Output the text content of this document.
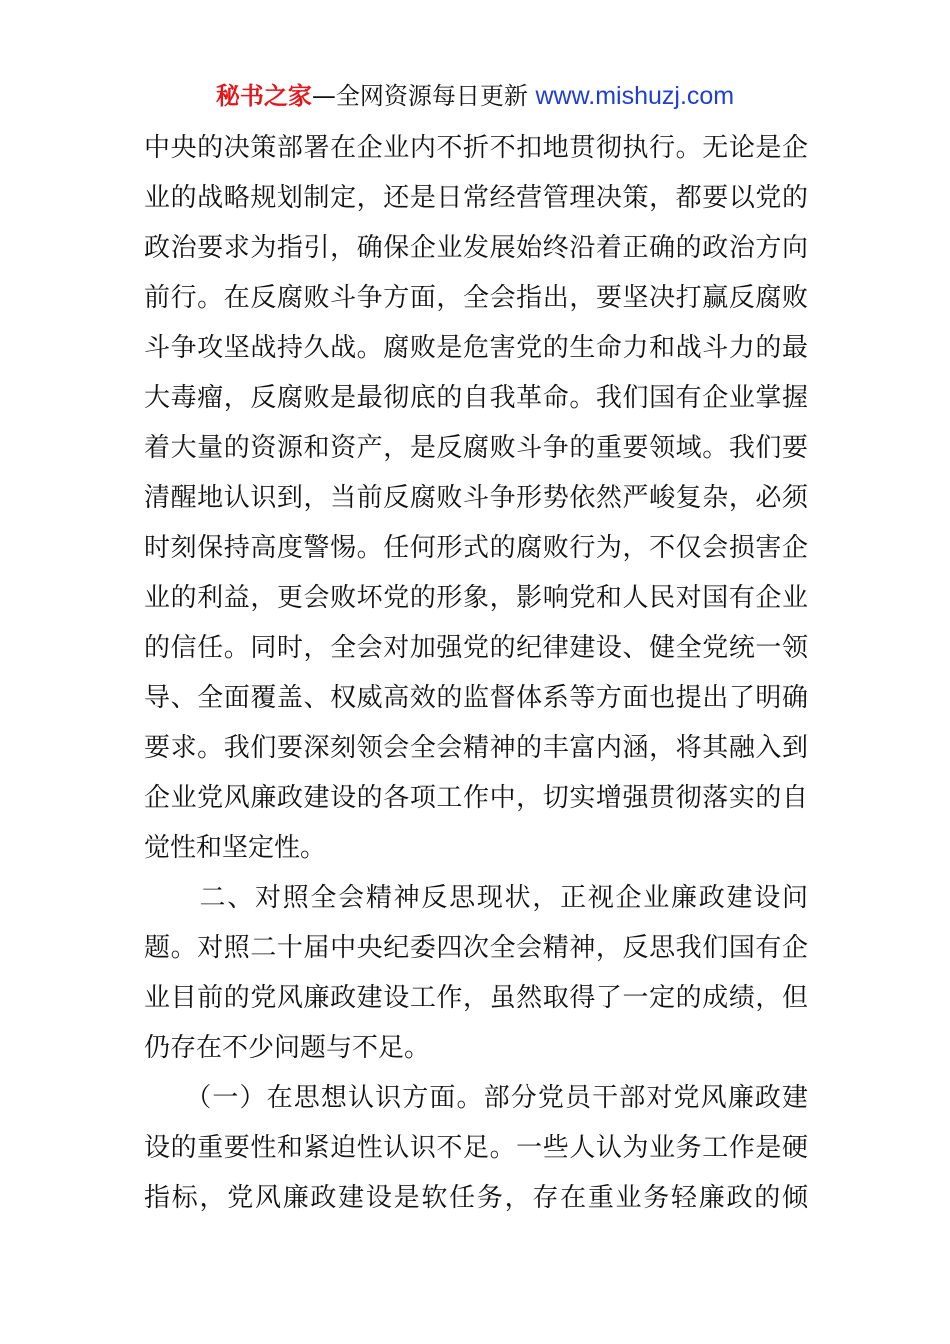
秘书之家—全网资源每日更新 www.mishuzj.com
中央的决策部署在企业内不折不扣地贯彻执行。无论是企
业的战略规划制定，还是日常经营管理决策，都要以党的
政治要求为指引，确保企业发展始终沿着正确的政治方向
前行。在反腐败斗争方面，全会指出，要坚决打赢反腐败
斗争攻坚战持久战。腐败是危害党的生命力和战斗力的最
大毒瘤，反腐败是最彻底的自我革命。我们国有企业掌握
着大量的资源和资产，是反腐败斗争的重要领域。我们要
清醒地认识到，当前反腐败斗争形势依然严峻复杂，必须
时刻保持高度警惕。任何形式的腐败行为，不仅会损害企
业的利益，更会败坏党的形象，影响党和人民对国有企业
的信任。同时，全会对加强党的纪律建设、健全党统一领
导、全面覆盖、权威高效的监督体系等方面也提出了明确
要求。我们要深刻领会全会精神的丰富内涵，将其融入到
企业党风廉政建设的各项工作中，切实增强贯彻落实的自
觉性和坚定性。
　　二、对照全会精神反思现状，正视企业廉政建设问
题。对照二十届中央纪委四次全会精神，反思我们国有企
业目前的党风廉政建设工作，虽然取得了一定的成绩，但
仍存在不少问题与不足。
　　（一）在思想认识方面。部分党员干部对党风廉政建
设的重要性和紧迫性认识不足。一些人认为业务工作是硬
指标，党风廉政建设是软任务，存在重业务轻廉政的倾
